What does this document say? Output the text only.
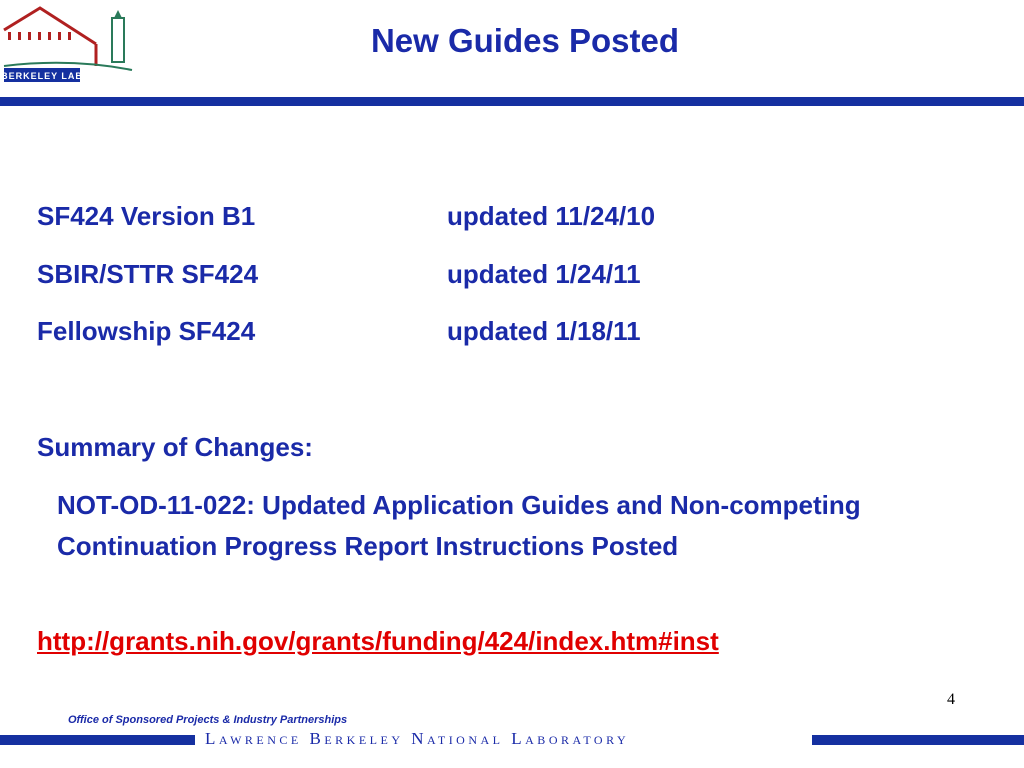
BERKELEY LAB
New Guides Posted
SF424 Version B1	updated 11/24/10
SBIR/STTR SF424	updated 1/24/11
Fellowship SF424	updated 1/18/11
Summary of Changes:
NOT-OD-11-022: Updated Application Guides and Non-competing Continuation Progress Report Instructions Posted
http://grants.nih.gov/grants/funding/424/index.htm#inst
4
Office of Sponsored Projects & Industry Partnerships
Lawrence Berkeley National Laboratory
